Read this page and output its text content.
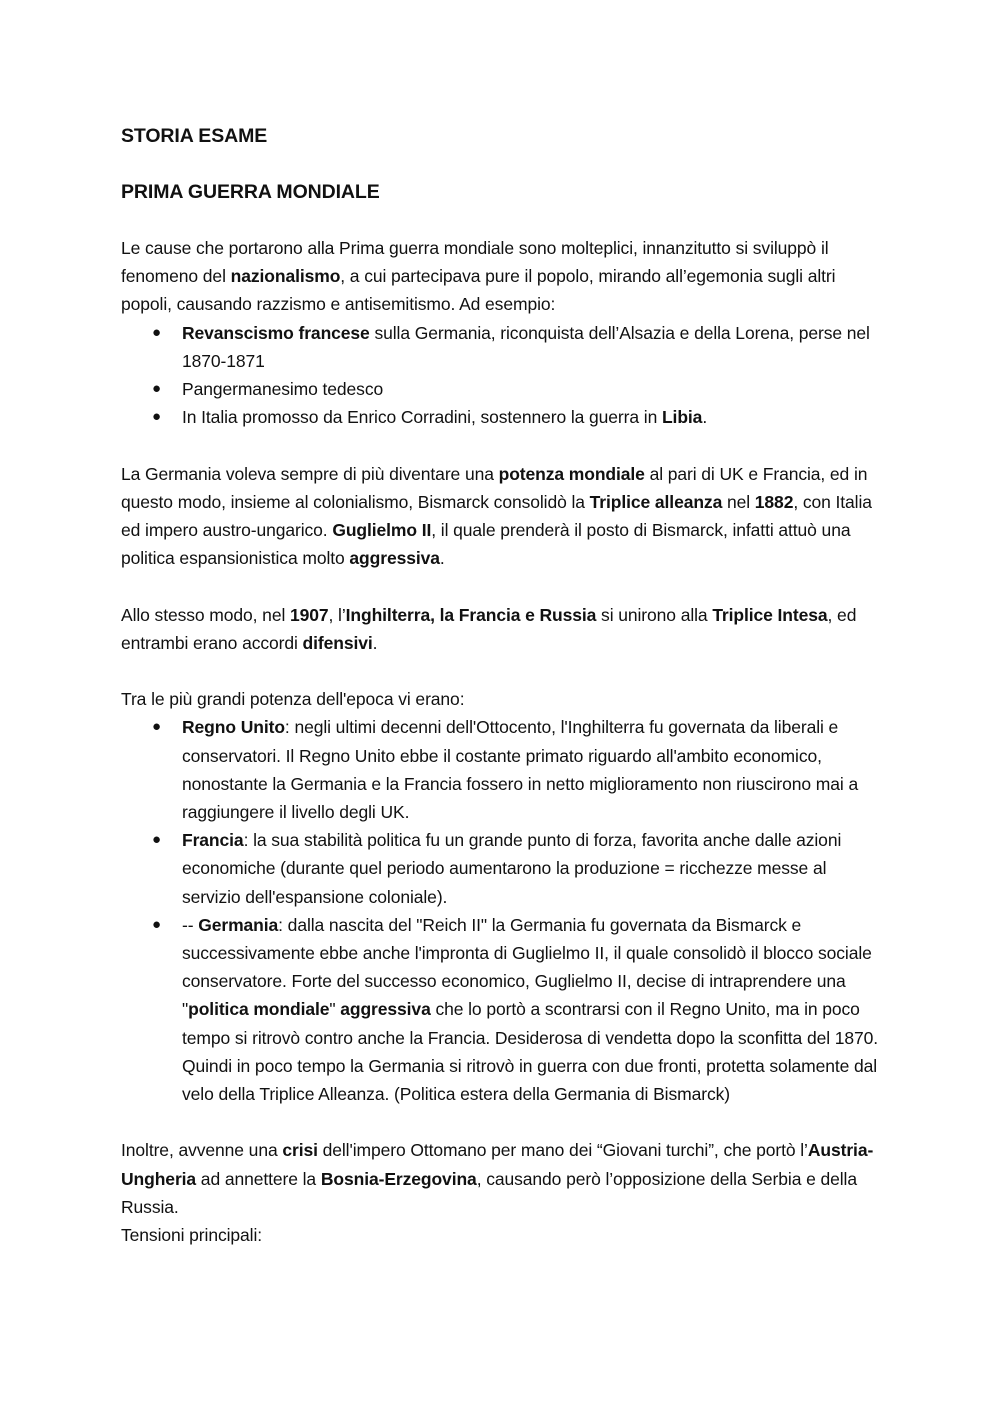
STORIA ESAME
PRIMA GUERRA MONDIALE

Le cause che portarono alla Prima guerra mondiale sono molteplici, innanzitutto si sviluppò il fenomeno del nazionalismo, a cui partecipava pure il popolo, mirando all’egemonia sugli altri popoli, causando razzismo e antisemitismo. Ad esempio:

● Revanscismo francese sulla Germania, riconquista dell’Alsazia e della Lorena, perse nel 1870-1871
● Pangermanesimo tedesco
● In Italia promosso da Enrico Corradini, sostennero la guerra in Libia.

La Germania voleva sempre di più diventare una potenza mondiale al pari di UK e Francia, ed in questo modo, insieme al colonialismo, Bismarck consolidò la Triplice alleanza nel 1882, con Italia ed impero austro-ungarico. Guglielmo II, il quale prenderà il posto di Bismarck, infatti attuò una politica espansionistica molto aggressiva.

Allo stesso modo, nel 1907, l’Inghilterra, la Francia e Russia si unirono alla Triplice Intesa, ed entrambi erano accordi difensivi.

Tra le più grandi potenza dell'epoca vi erano:

● Regno Unito: negli ultimi decenni dell'Ottocento, l'Inghilterra fu governata da liberali e conservatori. Il Regno Unito ebbe il costante primato riguardo all'ambito economico, nonostante la Germania e la Francia fossero in netto miglioramento non riuscirono mai a raggiungere il livello degli UK.
● Francia: la sua stabilità politica fu un grande punto di forza, favorita anche dalle azioni economiche (durante quel periodo aumentarono la produzione = ricchezze messe al servizio dell'espansione coloniale).
● -- Germania: dalla nascita del "Reich II" la Germania fu governata da Bismarck e successivamente ebbe anche l'impronta di Guglielmo II, il quale consolidò il blocco sociale conservatore. Forte del successo economico, Guglielmo II, decise di intraprendere una "politica mondiale" aggressiva che lo portò a scontrarsi con il Regno Unito, ma in poco tempo si ritrovò contro anche la Francia. Desiderosa di vendetta dopo la sconfitta del 1870. Quindi in poco tempo la Germania si ritrovò in guerra con due fronti, protetta solamente dal velo della Triplice Alleanza. (Politica estera della Germania di Bismarck)

Inoltre, avvenne una crisi dell'impero Ottomano per mano dei “Giovani turchi”, che portò l’Austria-Ungheria ad annettere la Bosnia-Erzegovina, causando però l’opposizione della Serbia e della Russia.

Tensioni principali:
